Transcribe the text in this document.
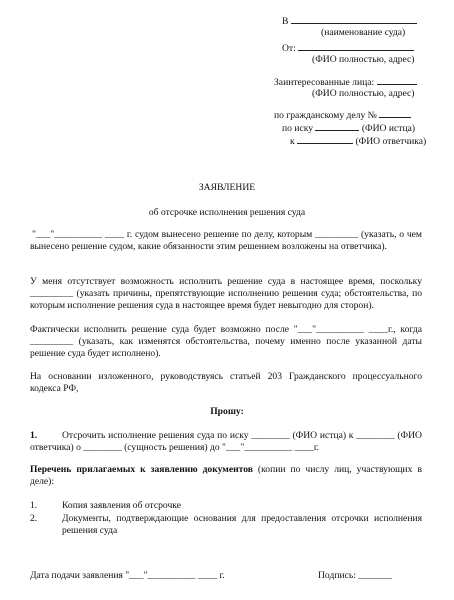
В
(наименование суда)
От:
(ФИО полностью, адрес)
Заинтересованные лица:
(ФИО полностью, адрес)
по гражданскому делу №
по иску	(ФИО истца)
к	(ФИО ответчика)
ЗАЯВЛЕНИЕ
об отсрочке исполнения решения суда
"___"__________ ____ г. судом вынесено решение по делу, которым _________ (указать, о чем вынесено решение судом, какие обязанности этим решением возложены на ответчика).
У меня отсутствует возможность исполнить решение суда в настоящее время, поскольку _________ (указать причины, препятствующие исполнению решения суда; обстоятельства, по которым исполнение решения суда в настоящее время будет невыгодно для сторон).
Фактически исполнить решение суда будет возможно после "___"__________ ____г., когда _________ (указать, как изменятся обстоятельства, почему именно после указанной даты решение суда будет исполнено).
На основании изложенного, руководствуясь статьей 203 Гражданского процессуального кодекса РФ,
Прошу:
1.	Отсрочить исполнение решения суда по иску ________ (ФИО истца) к ________ (ФИО ответчика) о ________ (сущность решения) до "___"__________ ____г.
Перечень прилагаемых к заявлению документов (копии по числу лиц, участвующих в деле):
1.	Копия заявления об отсрочке
2.	Документы, подтверждающие основания для предоставления отсрочки исполнения решения суда
Дата подачи заявления "___"__________ ____ г.	Подпись: _______
